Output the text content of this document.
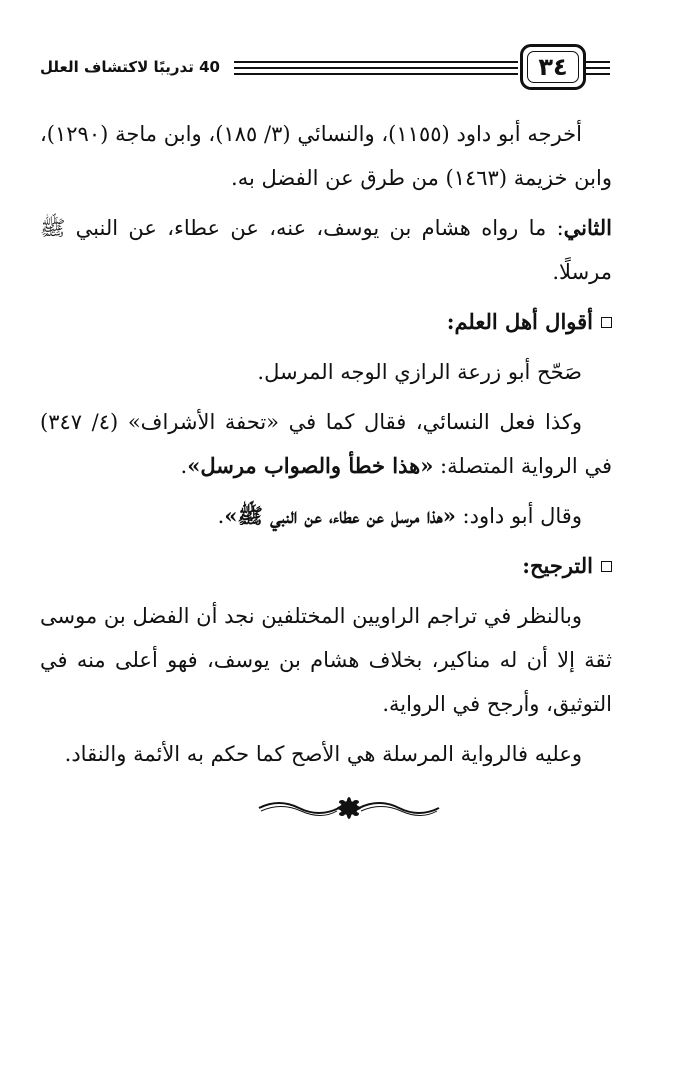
40 تدريبًا لاكتشاف العلل	٣٤

أخرجه أبو داود (١١٥٥)، والنسائي (٣/ ١٨٥)، وابن ماجة (١٢٩٠)، وابن خزيمة (١٤٦٣) من طرق عن الفضل به.

الثاني: ما رواه هشام بن يوسف، عنه، عن عطاء، عن النبي ﷺ مرسلًا.

أقوال أهل العلم:

صَحّح أبو زرعة الرازي الوجه المرسل.

وكذا فعل النسائي، فقال كما في «تحفة الأشراف» (٤/ ٣٤٧) في الرواية المتصلة: «هذا خطأ والصواب مرسل».

وقال أبو داود: «هذا مرسل عن عطاء، عن النبي ﷺ».

الترجيح:

وبالنظر في تراجم الراويين المختلفين نجد أن الفضل بن موسى ثقة إلا أن له مناكير، بخلاف هشام بن يوسف، فهو أعلى منه في التوثيق، وأرجح في الرواية.

وعليه فالرواية المرسلة هي الأصح كما حكم به الأئمة والنقاد.
